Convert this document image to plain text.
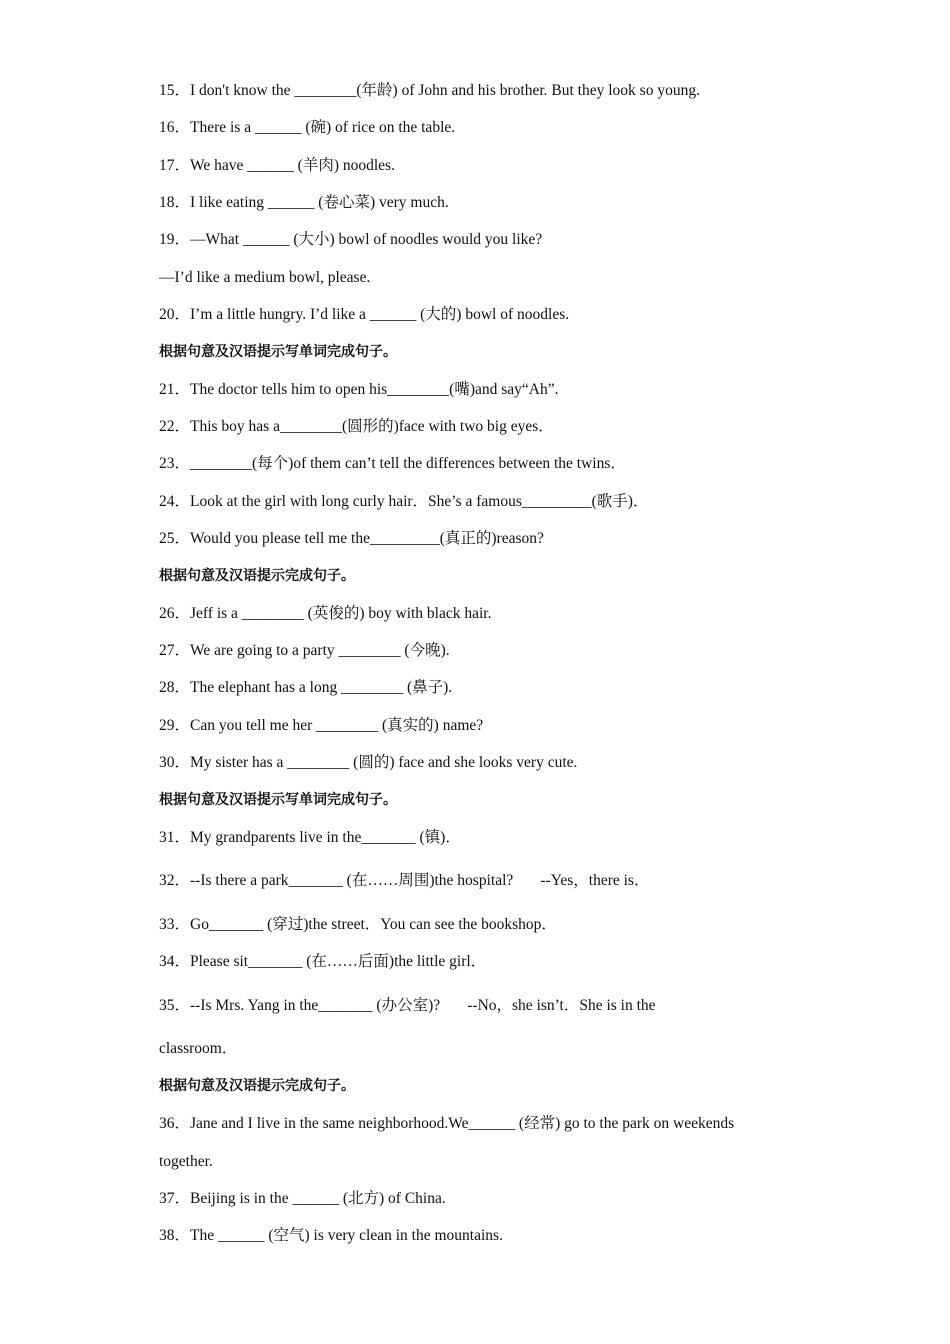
15．I don't know the ________(年龄) of John and his brother. But they look so young.
16．There is a ______ (碗) of rice on the table.
17．We have ______ (羊肉) noodles.
18．I like eating ______ (卷心菜) very much.
19．—What ______ (大小) bowl of noodles would you like?
—I’d like a medium bowl, please.
20．I’m a little hungry. I’d like a ______ (大的) bowl of noodles.
根据句意及汉语提示写单词完成句子。
21．The doctor tells him to open his________(嘴)and say“Ah”.
22．This boy has a________(圆形的)face with two big eyes．
23．________(每个)of them can’t tell the differences between the twins．
24．Look at the girl with long curly hair．She’s a famous_________(歌手)．
25．Would you please tell me the_________(真正的)reason?
根据句意及汉语提示完成句子。
26．Jeff is a ________ (英俊的) boy with black hair.
27．We are going to a party ________ (今晚).
28．The elephant has a long ________ (鼻子).
29．Can you tell me her ________ (真实的) name?
30．My sister has a ________ (圆的) face and she looks very cute.
根据句意及汉语提示写单词完成句子。
31．My grandparents live in the_______ (镇)．
32．--Is there a park_______ (在……周围)the hospital?       --Yes，there is．
33．Go_______ (穿过)the street．You can see the bookshop．
34．Please sit_______ (在……后面)the little girl．
35．--Is Mrs. Yang in the_______ (办公室)?       --No，she isn’t．She is in the
classroom．
根据句意及汉语提示完成句子。
36．Jane and I live in the same neighborhood.We______ (经常) go to the park on weekends
together.
37．Beijing is in the ______ (北方) of China.
38．The ______ (空气) is very clean in the mountains.
